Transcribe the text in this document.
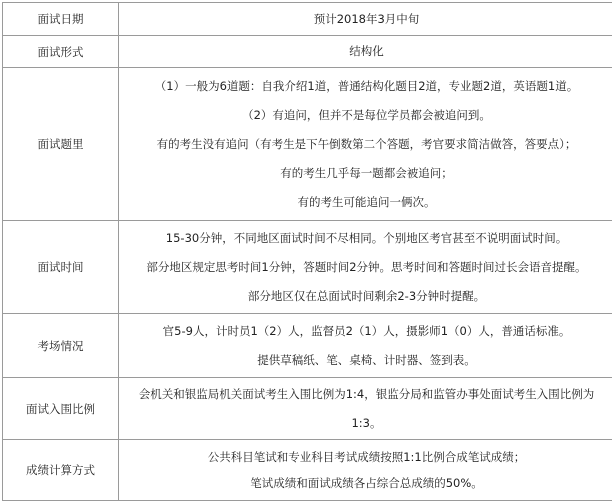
面试日期	预计2018年3月中旬

面试形式	结构化

面试题里	（1）一般为6道题：自我介绍1道，普通结构化题目2道，专业题2道，英语题1道。
（2）有追问，但并不是每位学员都会被追问到。
有的考生没有追问（有考生是下午倒数第二个答题，考官要求简洁做答，答要点）；
有的考生几乎每一题都会被追问；
有的考生可能追问一俩次。

面试时间	15-30分钟，不同地区面试时间不尽相同。个别地区考官甚至不说明面试时间。
部分地区规定思考时间1分钟，答题时间2分钟。思考时间和答题时间过长会语音提醒。
部分地区仅在总面试时间剩余2-3分钟时提醒。

考场情况	官5-9人，计时员1（2）人，监督员2（1）人，摄影师1（0）人，普通话标准。
提供草稿纸、笔、桌椅、计时器、签到表。

面试入围比例	会机关和银监局机关面试考生入围比例为1:4，银监分局和监管办事处面试考生入围比例为
1:3。

成绩计算方式	公共科目笔试和专业科目考试成绩按照1:1比例合成笔试成绩；
笔试成绩和面试成绩各占综合总成绩的50%。
